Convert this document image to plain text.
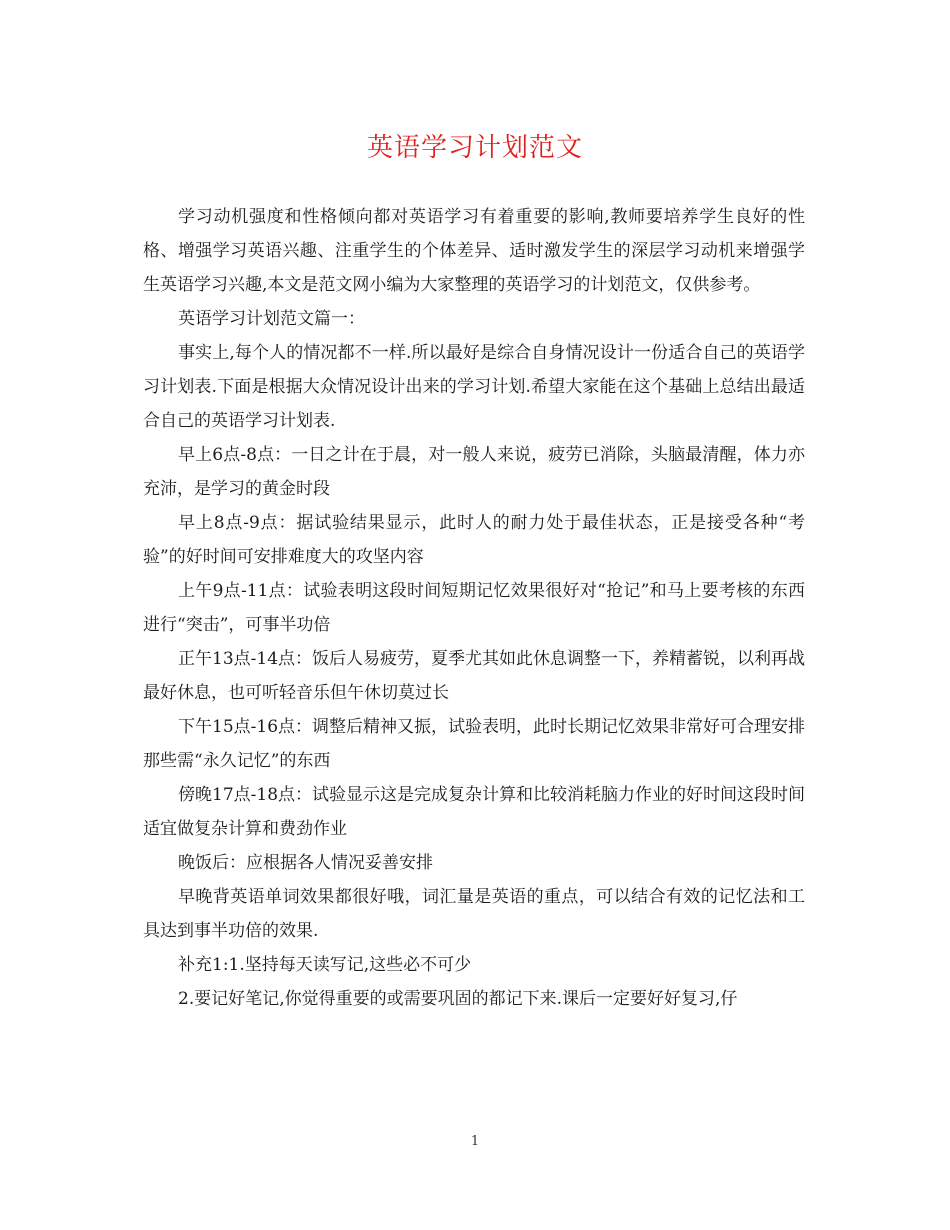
英语学习计划范文

学习动机强度和性格倾向都对英语学习有着重要的影响,教师要培养学生良好的性格、增强学习英语兴趣、注重学生的个体差异、适时激发学生的深层学习动机来增强学生英语学习兴趣,本文是范文网小编为大家整理的英语学习的计划范文，仅供参考。

英语学习计划范文篇一：

事实上,每个人的情况都不一样.所以最好是综合自身情况设计一份适合自己的英语学习计划表.下面是根据大众情况设计出来的学习计划.希望大家能在这个基础上总结出最适合自己的英语学习计划表.

早上6点-8点：一日之计在于晨，对一般人来说，疲劳已消除，头脑最清醒，体力亦充沛，是学习的黄金时段

早上8点-9点：据试验结果显示，此时人的耐力处于最佳状态，正是接受各种“考验”的好时间可安排难度大的攻坚内容

上午9点-11点：试验表明这段时间短期记忆效果很好对“抢记”和马上要考核的东西进行“突击”，可事半功倍

正午13点-14点：饭后人易疲劳，夏季尤其如此休息调整一下，养精蓄锐，以利再战最好休息，也可听轻音乐但午休切莫过长

下午15点-16点：调整后精神又振，试验表明，此时长期记忆效果非常好可合理安排那些需“永久记忆”的东西

傍晚17点-18点：试验显示这是完成复杂计算和比较消耗脑力作业的好时间这段时间适宜做复杂计算和费劲作业

晚饭后：应根据各人情况妥善安排

早晚背英语单词效果都很好哦，词汇量是英语的重点，可以结合有效的记忆法和工具达到事半功倍的效果.

补充1:1.坚持每天读写记,这些必不可少

2.要记好笔记,你觉得重要的或需要巩固的都记下来.课后一定要好好复习,仔

1
